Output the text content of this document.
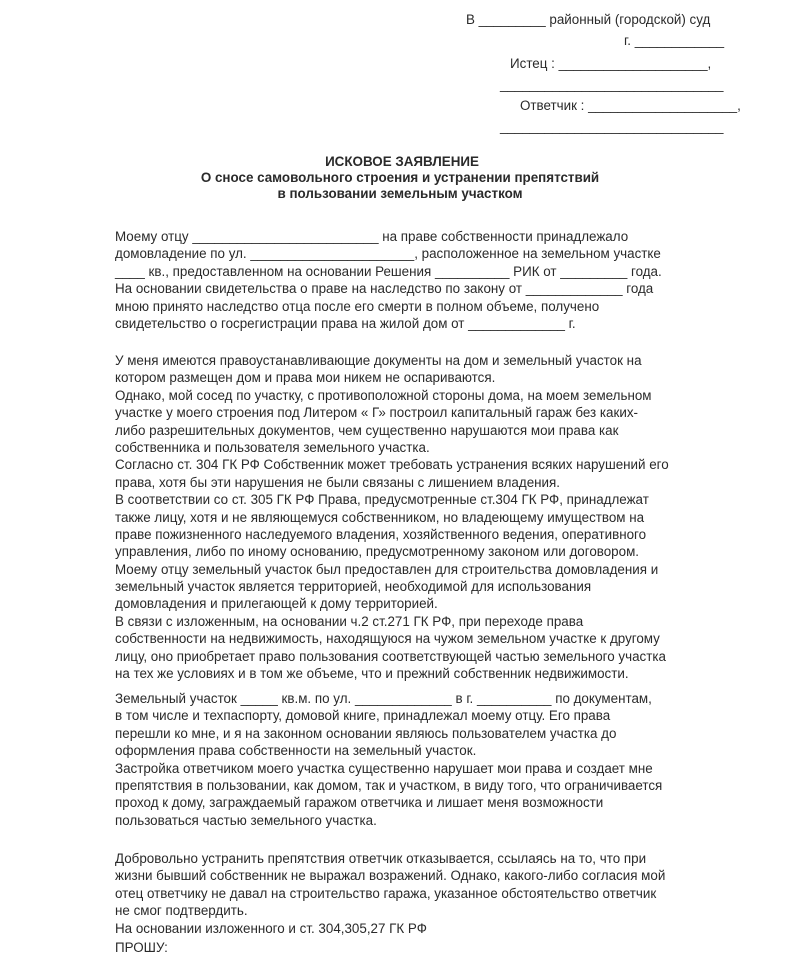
В _________ районный (городской) суд
г. ____________
Истец : ____________________,
______________________________
Ответчик : ____________________,
______________________________
ИСКОВОЕ ЗАЯВЛЕНИЕ
О сносе самовольного строения и устранении препятствий
в пользовании земельным участком
Моему отцу _________________________ на праве собственности принадлежало
домовладение по ул. ______________________, расположенное на земельном участке
____ кв., предоставленном на основании Решения __________ РИК от _________ года.
На основании свидетельства о праве на наследство по закону от _____________ года
мною принято наследство отца после его смерти в полном объеме, получено
свидетельство о госрегистрации права на жилой дом от _____________ г.
У меня имеются правоустанавливающие документы на дом и земельный участок на
котором размещен дом и права мои никем не оспариваются.
Однако, мой сосед по участку, с противоположной стороны дома, на моем земельном
участке у моего строения под Литером « Г» построил капитальный гараж без каких-
либо разрешительных документов, чем существенно нарушаются мои права как
собственника и пользователя земельного участка.
Согласно ст. 304 ГК РФ Собственник может требовать устранения всяких нарушений его
права, хотя бы эти нарушения не были связаны с лишением владения.
В соответствии со ст. 305 ГК РФ Права, предусмотренные ст.304 ГК РФ, принадлежат
также лицу, хотя и не являющемуся собственником, но владеющему имуществом на
праве пожизненного наследуемого владения, хозяйственного ведения, оперативного
управления, либо по иному основанию, предусмотренному законом или договором.
Моему отцу земельный участок был предоставлен для строительства домовладения и
земельный участок является территорией, необходимой для использования
домовладения и прилегающей к дому территорией.
В связи с изложенным, на основании ч.2 ст.271 ГК РФ, при переходе права
собственности на недвижимость, находящуюся на чужом земельном участке к другому
лицу, оно приобретает право пользования соответствующей частью земельного участка
на тех же условиях и в том же объеме, что и прежний собственник недвижимости.
Земельный участок _____ кв.м. по ул. _____________ в г. __________ по документам,
в том числе и техпаспорту, домовой книге, принадлежал моему отцу. Его права
перешли ко мне, и я на законном основании являюсь пользователем участка до
оформления права собственности на земельный участок.
Застройка ответчиком моего участка существенно нарушает мои права и создает мне
препятствия в пользовании, как домом, так и участком, в виду того, что ограничивается
проход к дому, заграждаемый гаражом ответчика и лишает меня возможности
пользоваться частью земельного участка.
Добровольно устранить препятствия ответчик отказывается, ссылаясь на то, что при
жизни бывший собственник не выражал возражений. Однако, какого-либо согласия мой
отец ответчику не давал на строительство гаража, указанное обстоятельство ответчик
не смог подтвердить.
На основании изложенного и ст. 304,305,27 ГК РФ
ПРОШУ:
